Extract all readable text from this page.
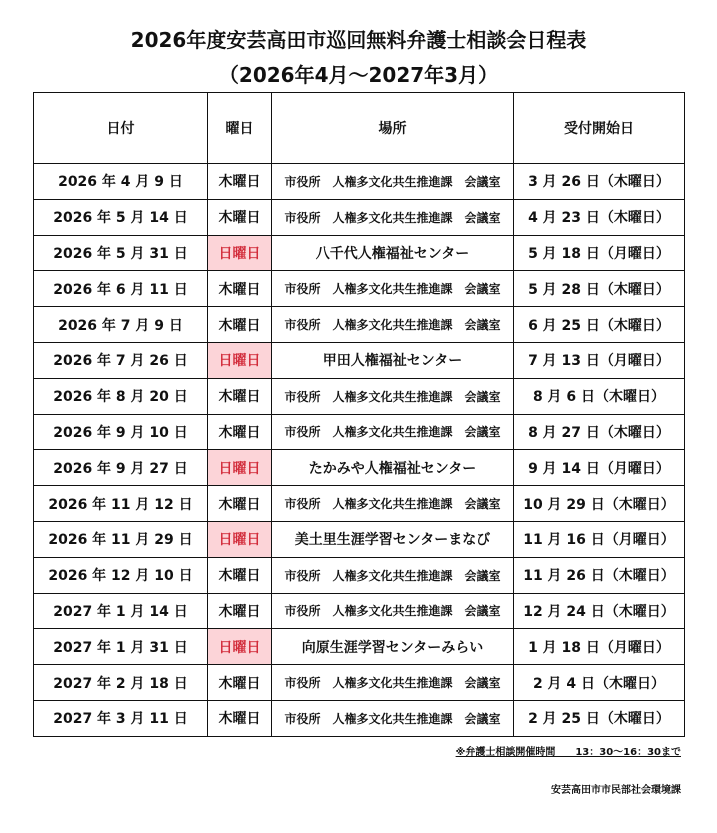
2026年度安芸高田市巡回無料弁護士相談会日程表
（2026年4月～2027年3月）
日付	曜日	場所	受付開始日
2026 年 4 月 9 日	木曜日	市役所　人権多文化共生推進課　会議室	3 月 26 日（木曜日）
2026 年 5 月 14 日	木曜日	市役所　人権多文化共生推進課　会議室	4 月 23 日（木曜日）
2026 年 5 月 31 日	日曜日	八千代人権福祉センター	5 月 18 日（月曜日）
2026 年 6 月 11 日	木曜日	市役所　人権多文化共生推進課　会議室	5 月 28 日（木曜日）
2026 年 7 月 9 日	木曜日	市役所　人権多文化共生推進課　会議室	6 月 25 日（木曜日）
2026 年 7 月 26 日	日曜日	甲田人権福祉センター	7 月 13 日（月曜日）
2026 年 8 月 20 日	木曜日	市役所　人権多文化共生推進課　会議室	8 月 6 日（木曜日）
2026 年 9 月 10 日	木曜日	市役所　人権多文化共生推進課　会議室	8 月 27 日（木曜日）
2026 年 9 月 27 日	日曜日	たかみや人権福祉センター	9 月 14 日（月曜日）
2026 年 11 月 12 日	木曜日	市役所　人権多文化共生推進課　会議室	10 月 29 日（木曜日）
2026 年 11 月 29 日	日曜日	美土里生涯学習センターまなび	11 月 16 日（月曜日）
2026 年 12 月 10 日	木曜日	市役所　人権多文化共生推進課　会議室	11 月 26 日（木曜日）
2027 年 1 月 14 日	木曜日	市役所　人権多文化共生推進課　会議室	12 月 24 日（木曜日）
2027 年 1 月 31 日	日曜日	向原生涯学習センターみらい	1 月 18 日（月曜日）
2027 年 2 月 18 日	木曜日	市役所　人権多文化共生推進課　会議室	2 月 4 日（木曜日）
2027 年 3 月 11 日	木曜日	市役所　人権多文化共生推進課　会議室	2 月 25 日（木曜日）
※弁護士相談開催時間　　13：30～16：30まで
安芸高田市市民部社会環境課
